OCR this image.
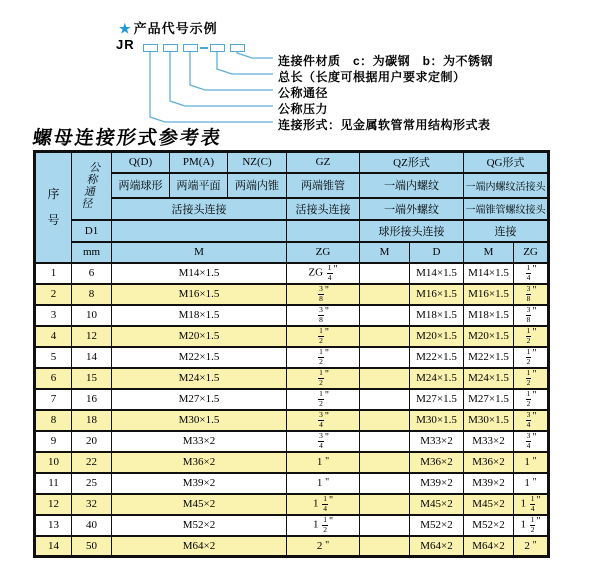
★ 产品代号示例
JR
连接件材质　c：为碳钢　b：为不锈钢
总长（长度可根据用户要求定制）
公称通径
公称压力
连接形式：见金属软管常用结构形式表
螺母连接形式参考表
序
号	公
称
通
径	Q(D)	PM(A)	NZ(C)	GZ	QZ形式		QG形式	
		两端球形	两端平面	两端内锥	两端锥管	一端内螺纹		一端内螺纹活接头	
		活接头连接			活接头连接	一端外螺纹		一端锥管螺纹接头	
	D1					球形接头连接		连接	
	mm	M			ZG	M	D	M	ZG
1	6	M14×1.5			ZG $\frac{1}{4}$ "		M14×1.5	M14×1.5	$\frac{1}{4}$ "
2	8	M16×1.5			$\frac{3}{8}$ "		M16×1.5	M16×1.5	$\frac{3}{8}$ "
3	10	M18×1.5			$\frac{3}{8}$ "		M18×1.5	M18×1.5	$\frac{3}{8}$ "
4	12	M20×1.5			$\frac{1}{2}$ "		M20×1.5	M20×1.5	$\frac{1}{2}$ "
5	14	M22×1.5			$\frac{1}{2}$ "		M22×1.5	M22×1.5	$\frac{1}{2}$ "
6	15	M24×1.5			$\frac{1}{2}$ "		M24×1.5	M24×1.5	$\frac{1}{2}$ "
7	16	M27×1.5			$\frac{1}{2}$ "		M27×1.5	M27×1.5	$\frac{1}{2}$ "
8	18	M30×1.5			$\frac{3}{4}$ "		M30×1.5	M30×1.5	$\frac{3}{4}$ "
9	20	M33×2			$\frac{3}{4}$ "		M33×2	M33×2	$\frac{3}{4}$ "
10	22	M36×2			1 "		M36×2	M36×2	1 "
11	25	M39×2			1 "		M39×2	M39×2	1 "
12	32	M45×2			$1 \frac{1}{4}$ "		M45×2	M45×2	$1 \frac{1}{4}$ "
13	40	M52×2			$1 \frac{1}{2}$ "		M52×2	M52×2	$1 \frac{1}{2}$ "
14	50	M64×2			2 "		M64×2	M64×2	2 "
